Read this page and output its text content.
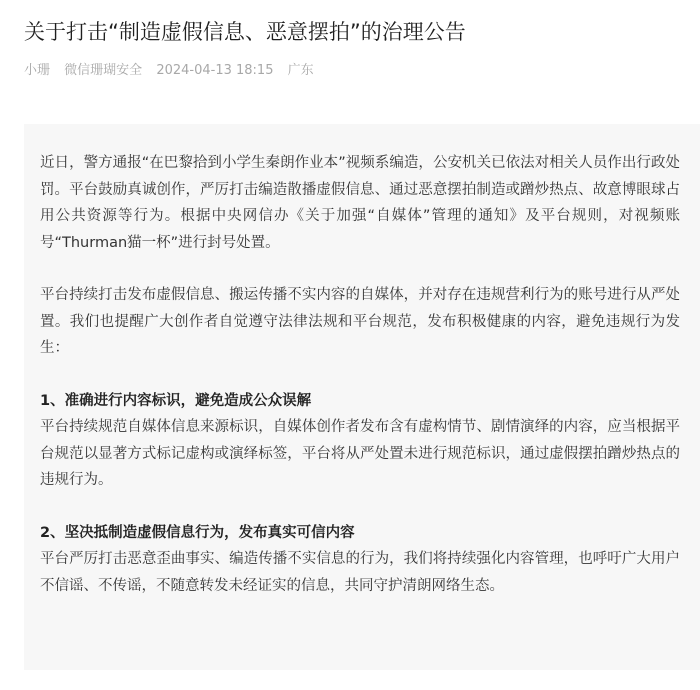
关于打击“制造虚假信息、恶意摆拍”的治理公告
小珊 微信珊瑚安全 2024-04-13 18:15 广东

近日，警方通报“在巴黎拾到小学生秦朗作业本”视频系编造，公安机关已依法对相关人员作出行政处罚。平台鼓励真诚创作，严厉打击编造散播虚假信息、通过恶意摆拍制造或蹭炒热点、故意博眼球占用公共资源等行为。根据中央网信办《关于加强“自媒体”管理的通知》及平台规则，对视频账号“Thurman猫一杯”进行封号处置。

平台持续打击发布虚假信息、搬运传播不实内容的自媒体，并对存在违规营利行为的账号进行从严处置。我们也提醒广大创作者自觉遵守法律法规和平台规范，发布积极健康的内容，避免违规行为发生：

1、准确进行内容标识，避免造成公众误解

平台持续规范自媒体信息来源标识，自媒体创作者发布含有虚构情节、剧情演绎的内容，应当根据平台规范以显著方式标记虚构或演绎标签，平台将从严处置未进行规范标识，通过虚假摆拍蹭炒热点的违规行为。

2、坚决抵制造虚假信息行为，发布真实可信内容

平台严厉打击恶意歪曲事实、编造传播不实信息的行为，我们将持续强化内容管理，也呼吁广大用户不信谣、不传谣，不随意转发未经证实的信息，共同守护清朗网络生态。
